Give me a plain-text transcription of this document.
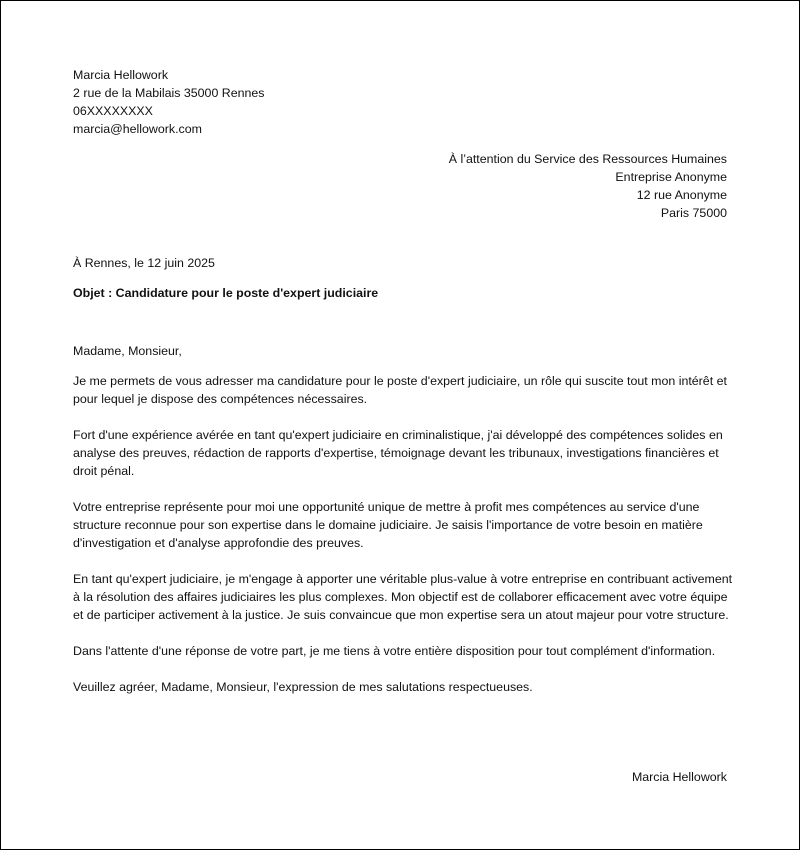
Marcia Hellowork
2 rue de la Mabilais 35000 Rennes
06XXXXXXXX
marcia@hellowork.com
À l’attention du Service des Ressources Humaines
Entreprise Anonyme
12 rue Anonyme
Paris 75000
À Rennes, le 12 juin 2025
Objet : Candidature pour le poste d'expert judiciaire

Madame, Monsieur,

Je me permets de vous adresser ma candidature pour le poste d'expert judiciaire, un rôle qui suscite tout mon intérêt et pour lequel je dispose des compétences nécessaires.

Fort d'une expérience avérée en tant qu'expert judiciaire en criminalistique, j'ai développé des compétences solides en analyse des preuves, rédaction de rapports d'expertise, témoignage devant les tribunaux, investigations financières et droit pénal.

Votre entreprise représente pour moi une opportunité unique de mettre à profit mes compétences au service d'une structure reconnue pour son expertise dans le domaine judiciaire. Je saisis l'importance de votre besoin en matière d'investigation et d'analyse approfondie des preuves.

En tant qu'expert judiciaire, je m'engage à apporter une véritable plus-value à votre entreprise en contribuant activement à la résolution des affaires judiciaires les plus complexes. Mon objectif est de collaborer efficacement avec votre équipe et de participer activement à la justice. Je suis convaincue que mon expertise sera un atout majeur pour votre structure.

Dans l'attente d'une réponse de votre part, je me tiens à votre entière disposition pour tout complément d'information.

Veuillez agréer, Madame, Monsieur, l'expression de mes salutations respectueuses.

Marcia Hellowork
